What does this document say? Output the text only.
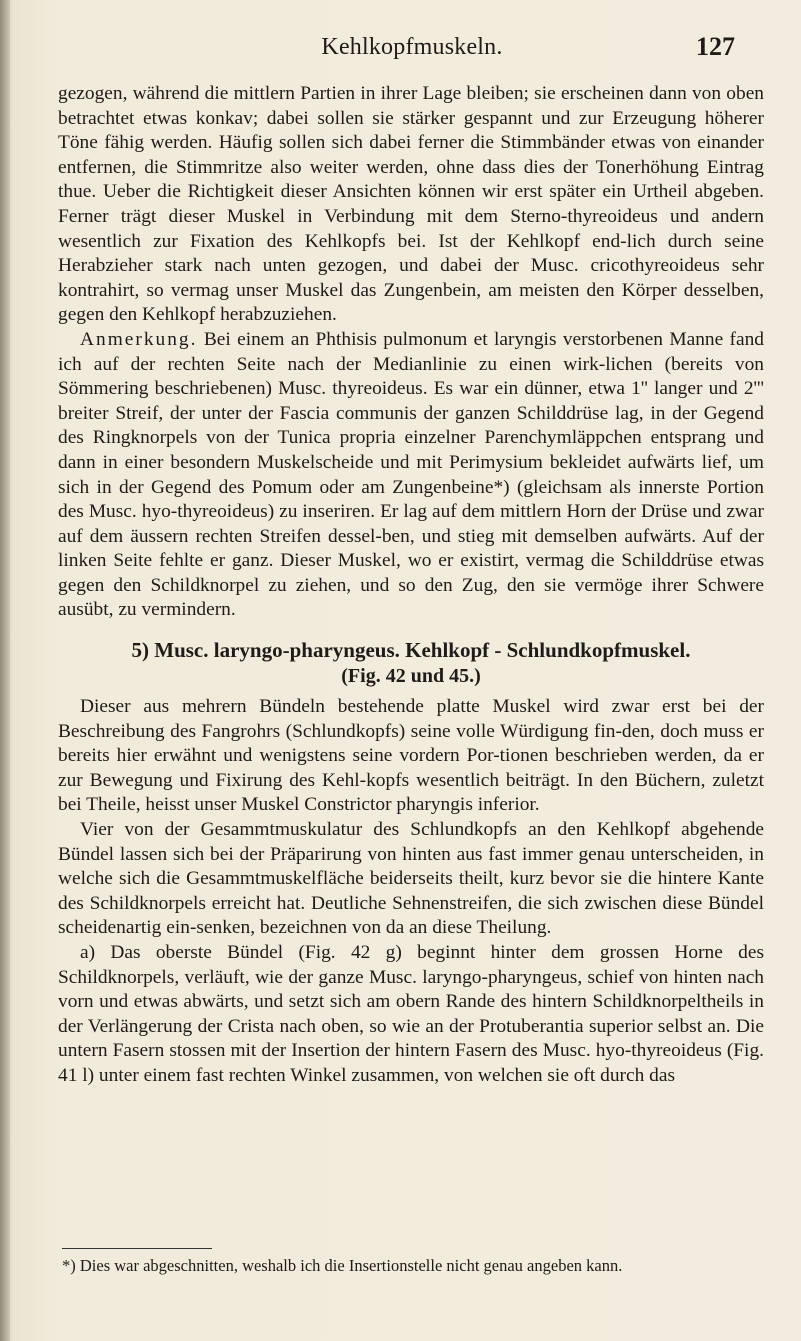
Kehlkopfmuskeln.	127

gezogen, während die mittlern Partien in ihrer Lage bleiben; sie erscheinen dann von oben betrachtet etwas konkav; dabei sollen sie stärker gespannt und zur Erzeugung höherer Töne fähig werden. Häufig sollen sich dabei ferner die Stimmbänder etwas von einander entfernen, die Stimmritze also weiter werden, ohne dass dies der Tonerhöhung Eintrag thue. Ueber die Richtigkeit dieser Ansichten können wir erst später ein Urtheil abgeben. Ferner trägt dieser Muskel in Verbindung mit dem Sterno-thyreoideus und andern wesentlich zur Fixation des Kehlkopfs bei. Ist der Kehlkopf end-lich durch seine Herabzieher stark nach unten gezogen, und dabei der Musc. cricothyreoideus sehr kontrahirt, so vermag unser Muskel das Zungenbein, am meisten den Körper desselben, gegen den Kehlkopf herabzuziehen.

Anmerkung. Bei einem an Phthisis pulmonum et laryngis verstorbenen Manne fand ich auf der rechten Seite nach der Medianlinie zu einen wirk-lichen (bereits von Sömmering beschriebenen) Musc. thyreoideus. Es war ein dünner, etwa 1'' langer und 2''' breiter Streif, der unter der Fascia communis der ganzen Schilddrüse lag, in der Gegend des Ringknorpels von der Tunica propria einzelner Parenchymläppchen entsprang und dann in einer besondern Muskelscheide und mit Perimysium bekleidet aufwärts lief, um sich in der Gegend des Pomum oder am Zungenbeine*) (gleichsam als innerste Portion des Musc. hyo-thyreoideus) zu inseriren. Er lag auf dem mittlern Horn der Drüse und zwar auf dem äussern rechten Streifen dessel-ben, und stieg mit demselben aufwärts. Auf der linken Seite fehlte er ganz. Dieser Muskel, wo er existirt, vermag die Schilddrüse etwas gegen den Schildknorpel zu ziehen, und so den Zug, den sie vermöge ihrer Schwere ausübt, zu vermindern.

5) Musc. laryngo-pharyngeus. Kehlkopf - Schlundkopfmuskel.

(Fig. 42 und 45.)

Dieser aus mehrern Bündeln bestehende platte Muskel wird zwar erst bei der Beschreibung des Fangrohrs (Schlundkopfs) seine volle Würdigung fin-den, doch muss er bereits hier erwähnt und wenigstens seine vordern Por-tionen beschrieben werden, da er zur Bewegung und Fixirung des Kehl-kopfs wesentlich beiträgt. In den Büchern, zuletzt bei Theile, heisst unser Muskel Constrictor pharyngis inferior.

Vier von der Gesammtmuskulatur des Schlundkopfs an den Kehlkopf abgehende Bündel lassen sich bei der Präparirung von hinten aus fast immer genau unterscheiden, in welche sich die Gesammtmuskelfläche beiderseits theilt, kurz bevor sie die hintere Kante des Schildknorpels erreicht hat. Deutliche Sehnenstreifen, die sich zwischen diese Bündel scheidenartig ein-senken, bezeichnen von da an diese Theilung.

a) Das oberste Bündel (Fig. 42 g) beginnt hinter dem grossen Horne des Schildknorpels, verläuft, wie der ganze Musc. laryngo-pharyngeus, schief von hinten nach vorn und etwas abwärts, und setzt sich am obern Rande des hintern Schildknorpeltheils in der Verlängerung der Crista nach oben, so wie an der Protuberantia superior selbst an. Die untern Fasern stossen mit der Insertion der hintern Fasern des Musc. hyo-thyreoideus (Fig. 41 l) unter einem fast rechten Winkel zusammen, von welchen sie oft durch das

*) Dies war abgeschnitten, weshalb ich die Insertionstelle nicht genau angeben kann.
